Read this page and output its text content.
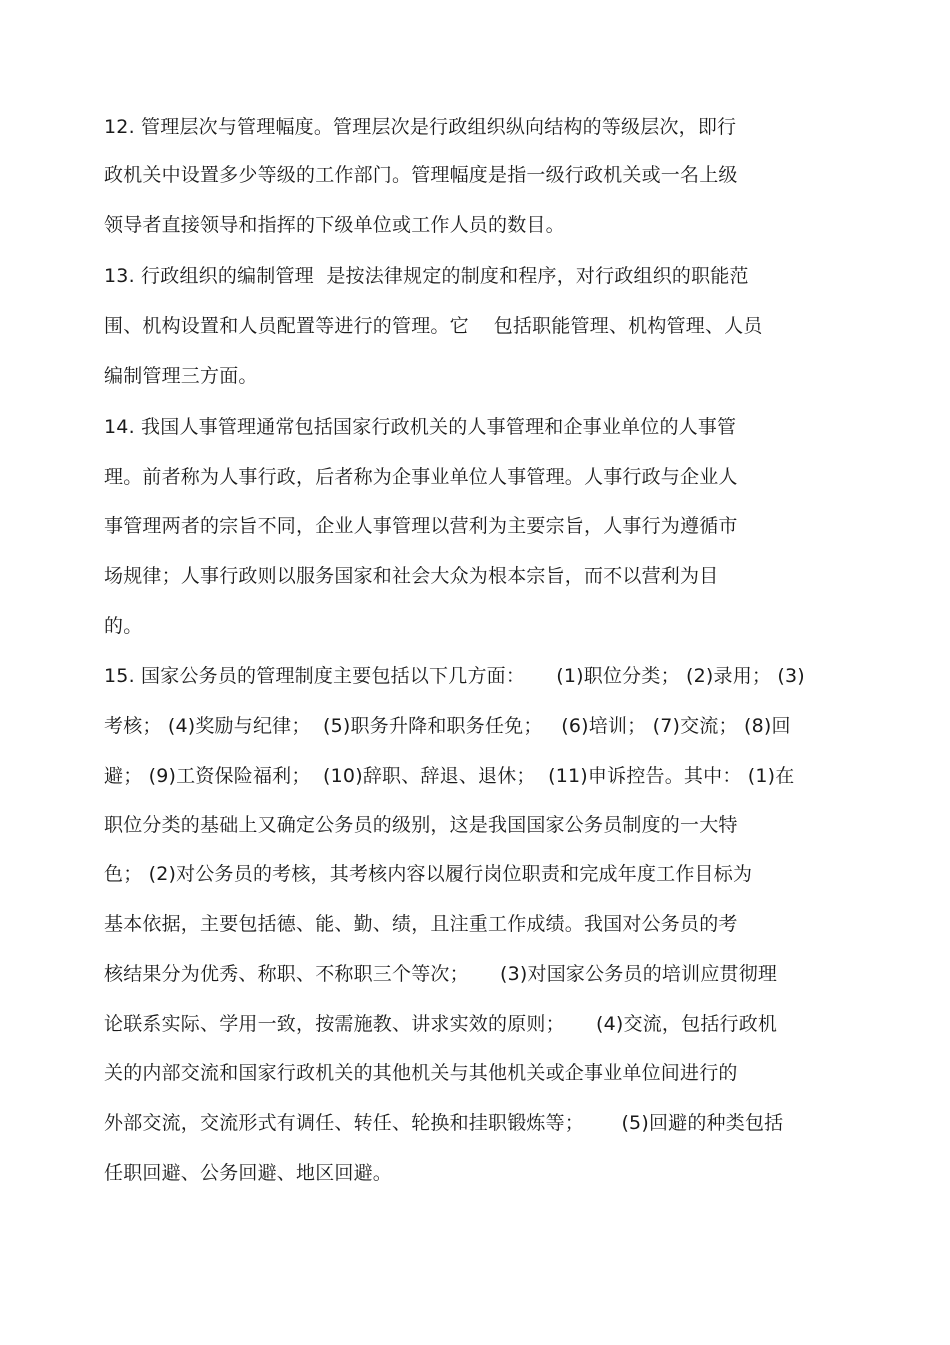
12. 管理层次与管理幅度。管理层次是行政组织纵向结构的等级层次，即行
政机关中设置多少等级的工作部门。管理幅度是指一级行政机关或一名上级
领导者直接领导和指挥的下级单位或工作人员的数目。
13. 行政组织的编制管理  是按法律规定的制度和程序，对行政组织的职能范
围、机构设置和人员配置等进行的管理。它    包括职能管理、机构管理、人员
编制管理三方面。
14. 我国人事管理通常包括国家行政机关的人事管理和企事业单位的人事管
理。前者称为人事行政，后者称为企事业单位人事管理。人事行政与企业人
事管理两者的宗旨不同，企业人事管理以营利为主要宗旨，人事行为遵循市
场规律；人事行政则以服务国家和社会大众为根本宗旨，而不以营利为目
的。
15. 国家公务员的管理制度主要包括以下几方面：     (1)职位分类； (2)录用； (3)
考核； (4)奖励与纪律；  (5)职务升降和职务任免；   (6)培训； (7)交流； (8)回
避； (9)工资保险福利；  (10)辞职、辞退、退休；  (11)申诉控告。其中： (1)在
职位分类的基础上又确定公务员的级别，这是我国国家公务员制度的一大特
色； (2)对公务员的考核，其考核内容以履行岗位职责和完成年度工作目标为
基本依据，主要包括德、能、勤、绩，且注重工作成绩。我国对公务员的考
核结果分为优秀、称职、不称职三个等次；     (3)对国家公务员的培训应贯彻理
论联系实际、学用一致，按需施教、讲求实效的原则；     (4)交流，包括行政机
关的内部交流和国家行政机关的其他机关与其他机关或企事业单位间进行的
外部交流，交流形式有调任、转任、轮换和挂职锻炼等；      (5)回避的种类包括
任职回避、公务回避、地区回避。
